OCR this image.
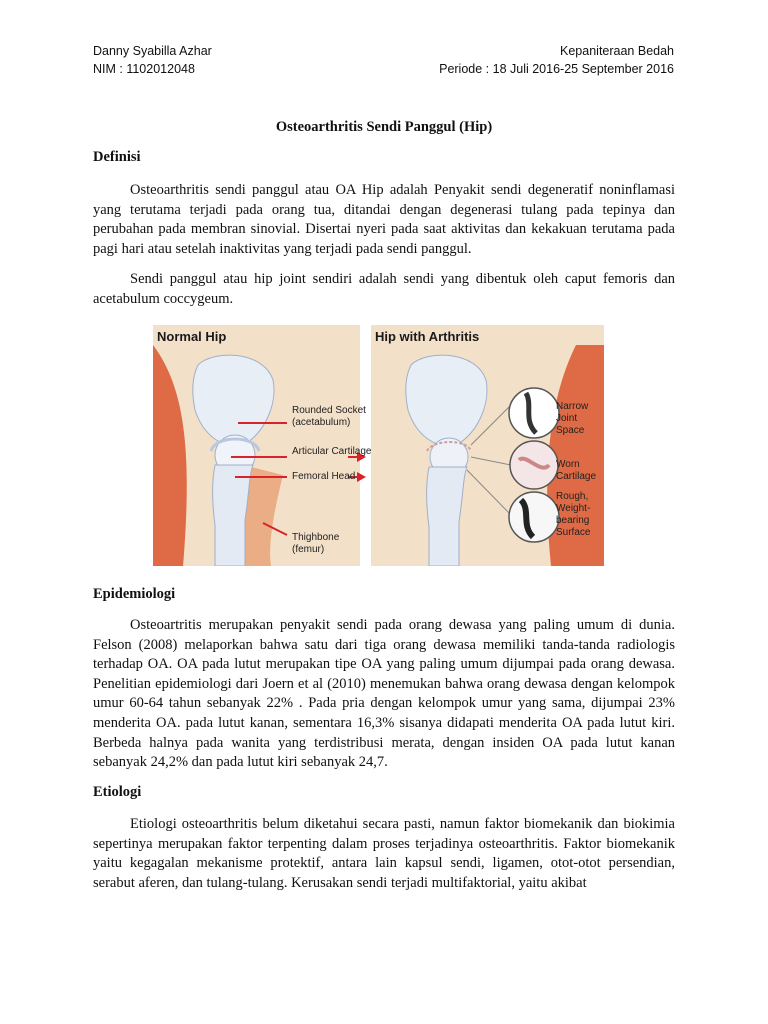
Danny Syabilla Azhar
NIM : 1102012048
Kepaniteraan Bedah
Periode : 18 Juli 2016-25 September 2016
Osteoarthritis Sendi Panggul (Hip)
Definisi

Osteoarthritis sendi panggul atau OA Hip adalah Penyakit sendi degeneratif noninflamasi yang terutama terjadi pada orang tua, ditandai dengan degenerasi tulang pada tepinya dan perubahan pada membran sinovial. Disertai nyeri pada saat aktivitas dan kekakuan terutama pada pagi hari atau setelah inaktivitas yang terjadi pada sendi panggul.

Sendi panggul atau hip joint sendiri adalah sendi yang dibentuk oleh caput femoris dan acetabulum coccygeum.

Normal Hip
Rounded Socket
(acetabulum)
Articular Cartilage
Femoral Head
Thighbone
(femur)
Hip with Arthritis
Narrow Joint
Space
Worn Cartilage
Rough,
Weight-bearing
Surface
Epidemiologi

Osteoartritis merupakan penyakit sendi pada orang dewasa yang paling umum di dunia. Felson (2008) melaporkan bahwa satu dari tiga orang dewasa memiliki tanda-tanda radiologis terhadap OA. OA pada lutut merupakan tipe OA yang paling umum dijumpai pada orang dewasa. Penelitian epidemiologi dari Joern et al (2010) menemukan bahwa orang dewasa dengan kelompok umur 60-64 tahun sebanyak 22% . Pada pria dengan kelompok umur yang sama, dijumpai 23% menderita OA. pada lutut kanan, sementara 16,3% sisanya didapati menderita OA pada lutut kiri. Berbeda halnya pada wanita yang terdistribusi merata, dengan insiden OA pada lutut kanan sebanyak 24,2% dan pada lutut kiri sebanyak 24,7.

Etiologi

Etiologi osteoarthritis belum diketahui secara pasti, namun faktor biomekanik dan biokimia sepertinya merupakan faktor terpenting dalam proses terjadinya osteoarthritis. Faktor biomekanik yaitu kegagalan mekanisme protektif, antara lain kapsul sendi, ligamen, otot-otot persendian, serabut aferen, dan tulang-tulang. Kerusakan sendi terjadi multifaktorial, yaitu akibat
